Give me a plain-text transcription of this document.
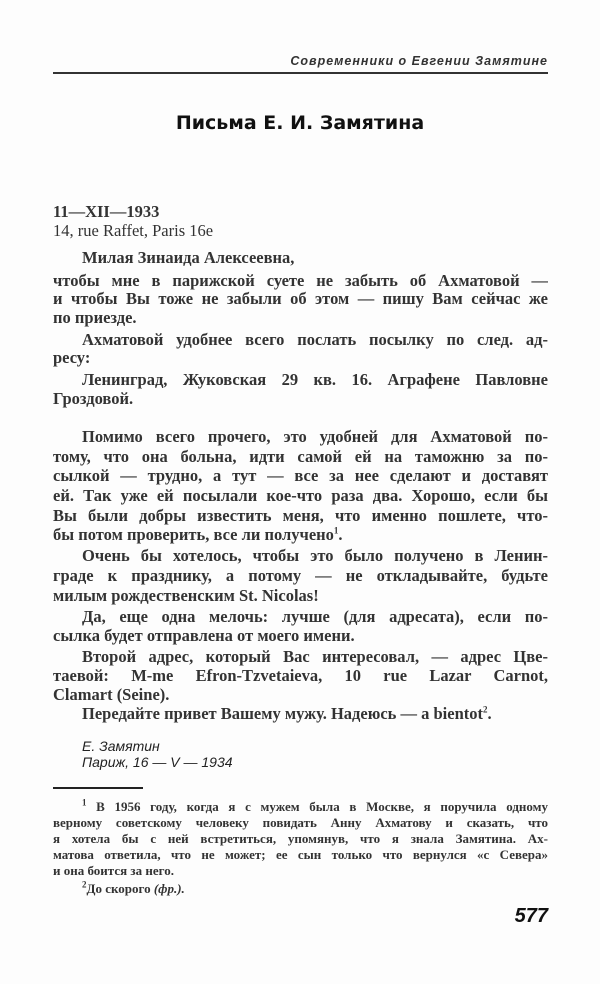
Современники о Евгении Замятине
Письма Е. И. Замятина
11—XII—1933
14, rue Raffet, Paris 16e
Милая Зинаида Алексеевна,
чтобы мне в парижской суете не забыть об Ахматовой —
и чтобы Вы тоже не забыли об этом — пишу Вам сейчас же
по приезде.
Ахматовой удобнее всего послать посылку по след. ад-
ресу:
Ленинград, Жуковская 29 кв. 16. Аграфене Павловне
Гроздовой.
Помимо всего прочего, это удобней для Ахматовой по-
тому, что она больна, идти самой ей на таможню за по-
сылкой — трудно, а тут — все за нее сделают и доставят
ей. Так уже ей посылали кое-что раза два. Хорошо, если бы
Вы были добры известить меня, что именно пошлете, что-
бы потом проверить, все ли получено$^1$.
Очень бы хотелось, чтобы это было получено в Ленин-
граде к празднику, а потому — не откладывайте, будьте
милым рождественским St. Nicolas!
Да, еще одна мелочь: лучше (для адресата), если по-
сылка будет отправлена от моего имени.
Второй адрес, который Вас интересовал, — адрес Цве-
таевой: M-me Efron-Tzvetaieva, 10 rue Lazar Carnot,
Clamart (Seine).
Передайте привет Вашему мужу. Надеюсь — a bientot$^2$.
Е. Замятин
Париж, 16 — V — 1934
$^1$ В 1956 году, когда я с мужем была в Москве, я поручила одному
верному советскому человеку повидать Анну Ахматову и сказать, что
я хотела бы с ней встретиться, упомянув, что я знала Замятина. Ах-
матова ответила, что не может; ее сын только что вернулся «с Севера»
и она боится за него.
$^2$До скорого (фр.).
577
